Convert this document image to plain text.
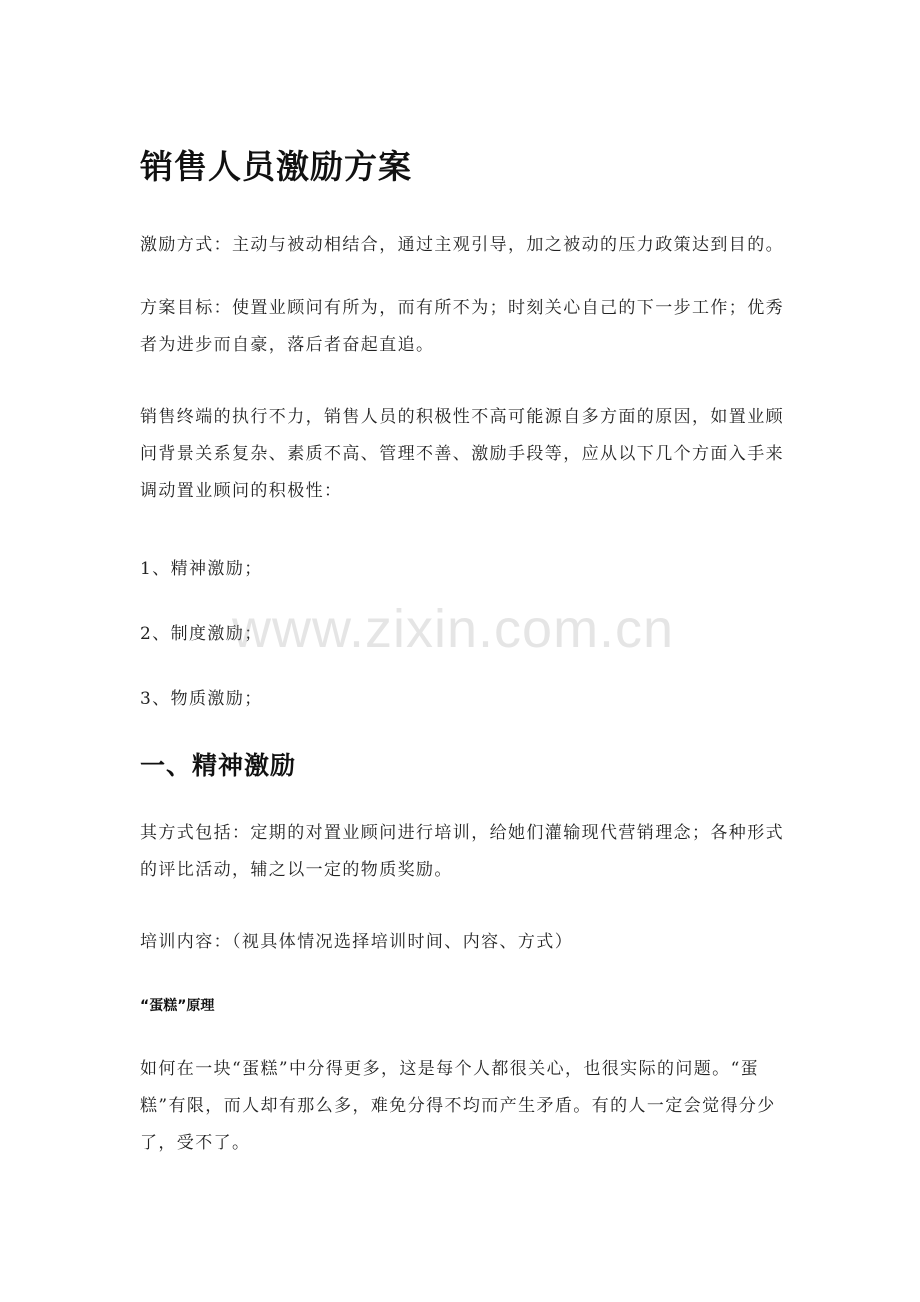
销售人员激励方案

激励方式：主动与被动相结合，通过主观引导，加之被动的压力政策达到目的。

方案目标：使置业顾问有所为，而有所不为；时刻关心自己的下一步工作；优秀者为进步而自豪，落后者奋起直追。

销售终端的执行不力，销售人员的积极性不高可能源自多方面的原因，如置业顾问背景关系复杂、素质不高、管理不善、激励手段等，应从以下几个方面入手来调动置业顾问的积极性：

1、精神激励；

2、制度激励；

3、物质激励；

一、精神激励

其方式包括：定期的对置业顾问进行培训，给她们灌输现代营销理念；各种形式的评比活动，辅之以一定的物质奖励。

培训内容：（视具体情况选择培训时间、内容、方式）

“蛋糕”原理

如何在一块“蛋糕”中分得更多，这是每个人都很关心，也很实际的问题。“蛋糕”有限，而人却有那么多，难免分得不均而产生矛盾。有的人一定会觉得分少了，受不了。

www.zixin.com.cn
